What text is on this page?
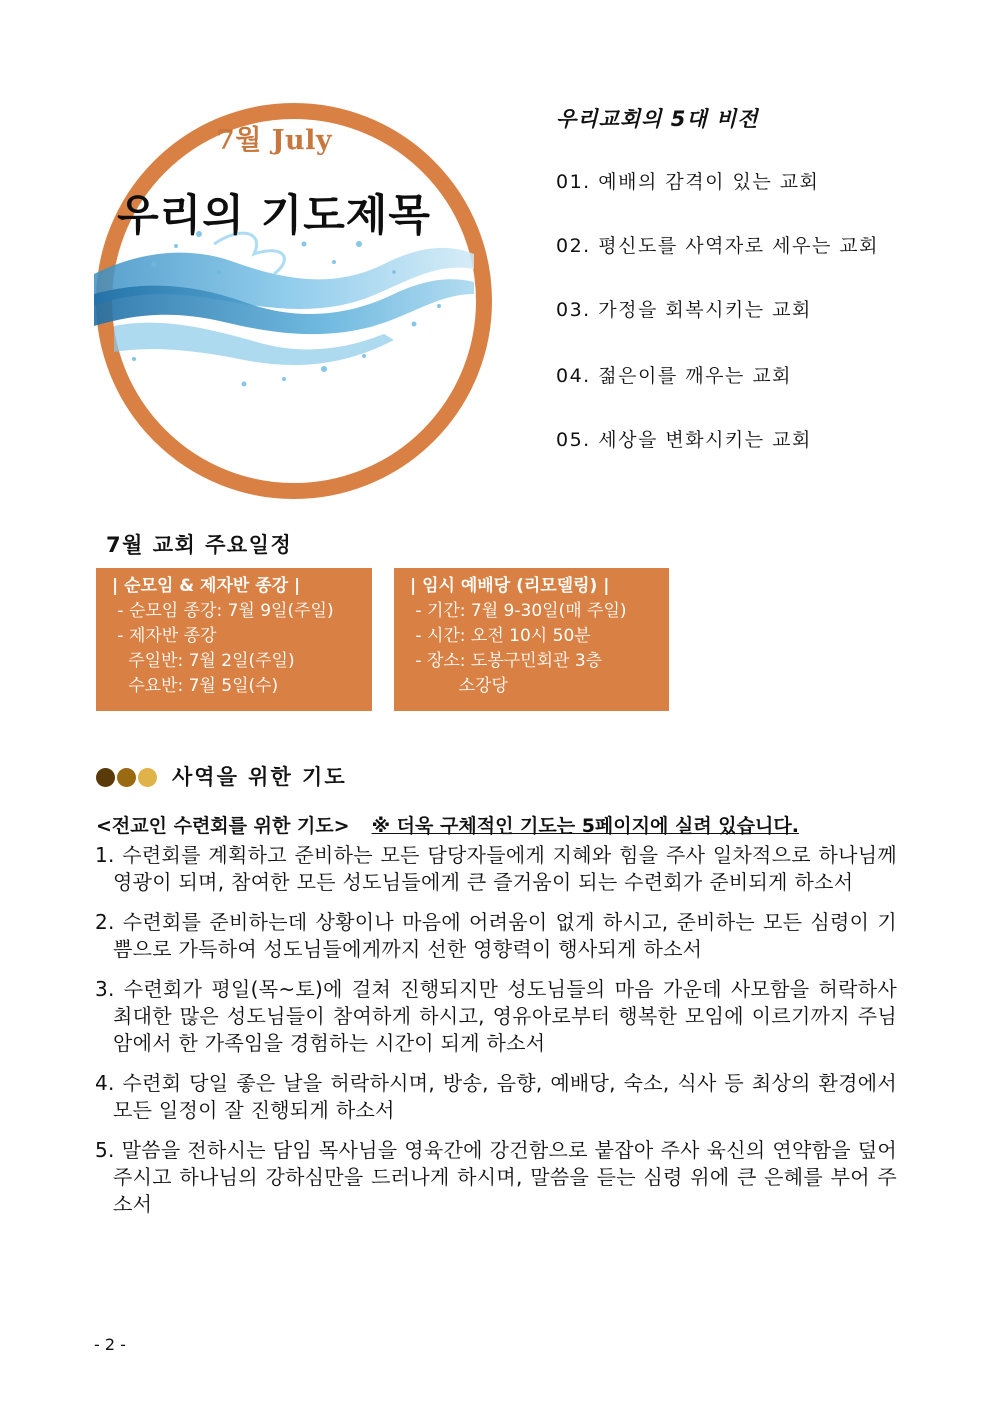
7월 July
우리의 기도제목
우리교회의 5대 비전
01. 예배의 감격이 있는 교회
02. 평신도를 사역자로 세우는 교회
03. 가정을 회복시키는 교회
04. 젊은이를 깨우는 교회
05. 세상을 변화시키는 교회
7월 교회 주요일정
| 순모임 & 제자반 종강 |
- 순모임 종강: 7월 9일(주일)
- 제자반 종강
주일반: 7월 2일(주일)
수요반: 7월 5일(수)
| 임시 예배당 (리모델링) |
- 기간: 7월 9-30일(매 주일)
- 시간: 오전 10시 50분
- 장소: 도봉구민회관 3층
소강당
사역을 위한 기도
<전교인 수련회를 위한 기도> ※ 더욱 구체적인 기도는 5페이지에 실려 있습니다.
1. 수련회를 계획하고 준비하는 모든 담당자들에게 지혜와 힘을 주사 일차적으로 하나님께 영광이 되며, 참여한 모든 성도님들에게 큰 즐거움이 되는 수련회가 준비되게 하소서
2. 수련회를 준비하는데 상황이나 마음에 어려움이 없게 하시고, 준비하는 모든 심령이 기쁨으로 가득하여 성도님들에게까지 선한 영향력이 행사되게 하소서
3. 수련회가 평일(목~토)에 걸쳐 진행되지만 성도님들의 마음 가운데 사모함을 허락하사 최대한 많은 성도님들이 참여하게 하시고, 영유아로부터 행복한 모임에 이르기까지 주님 암에서 한 가족임을 경험하는 시간이 되게 하소서
4. 수련회 당일 좋은 날을 허락하시며, 방송, 음향, 예배당, 숙소, 식사 등 최상의 환경에서 모든 일정이 잘 진행되게 하소서
5. 말씀을 전하시는 담임 목사님을 영육간에 강건함으로 붙잡아 주사 육신의 연약함을 덮어 주시고 하나님의 강하심만을 드러나게 하시며, 말씀을 듣는 심령 위에 큰 은혜를 부어 주소서
- 2 -
